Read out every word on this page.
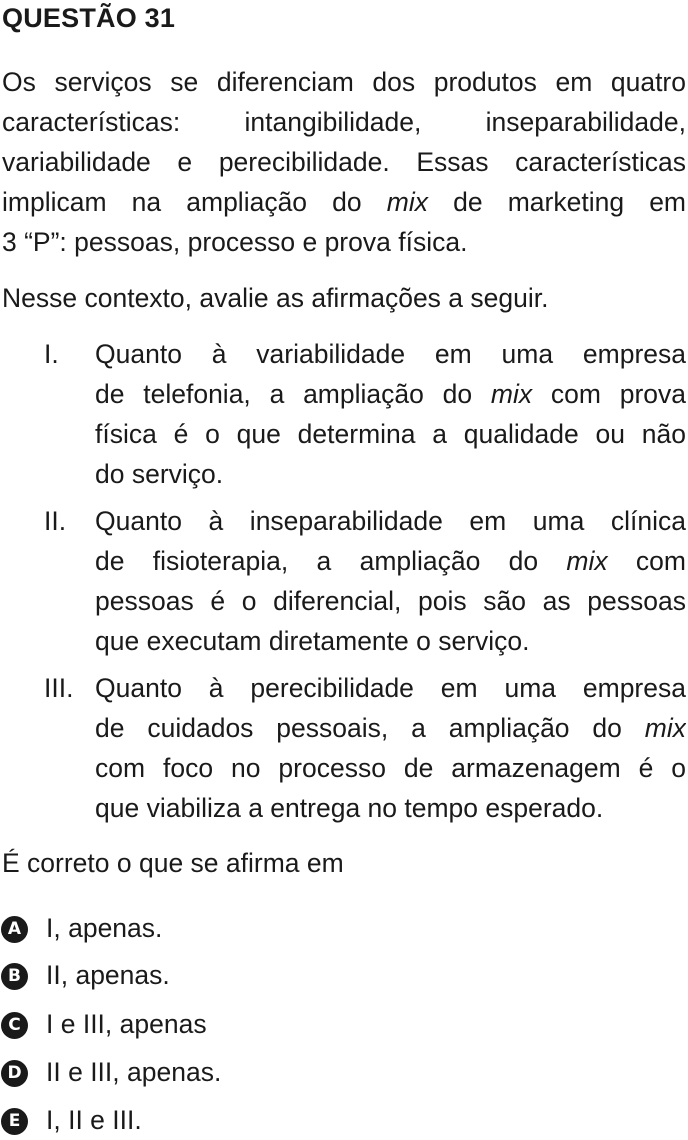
QUESTÃO 31
Os serviços se diferenciam dos produtos em quatro
características: intangibilidade, inseparabilidade,
variabilidade e perecibilidade. Essas características
implicam na ampliação do mix de marketing em
3 “P”: pessoas, processo e prova física.
Nesse contexto, avalie as afirmações a seguir.
I. Quanto à variabilidade em uma empresa
de telefonia, a ampliação do mix com prova
física é o que determina a qualidade ou não
do serviço.
II. Quanto à inseparabilidade em uma clínica
de fisioterapia, a ampliação do mix com
pessoas é o diferencial, pois são as pessoas
que executam diretamente o serviço.
III. Quanto à perecibilidade em uma empresa
de cuidados pessoais, a ampliação do mix
com foco no processo de armazenagem é o
que viabiliza a entrega no tempo esperado.
É correto o que se afirma em
A I, apenas.
B II, apenas.
C I e III, apenas
D II e III, apenas.
E I, II e III.
